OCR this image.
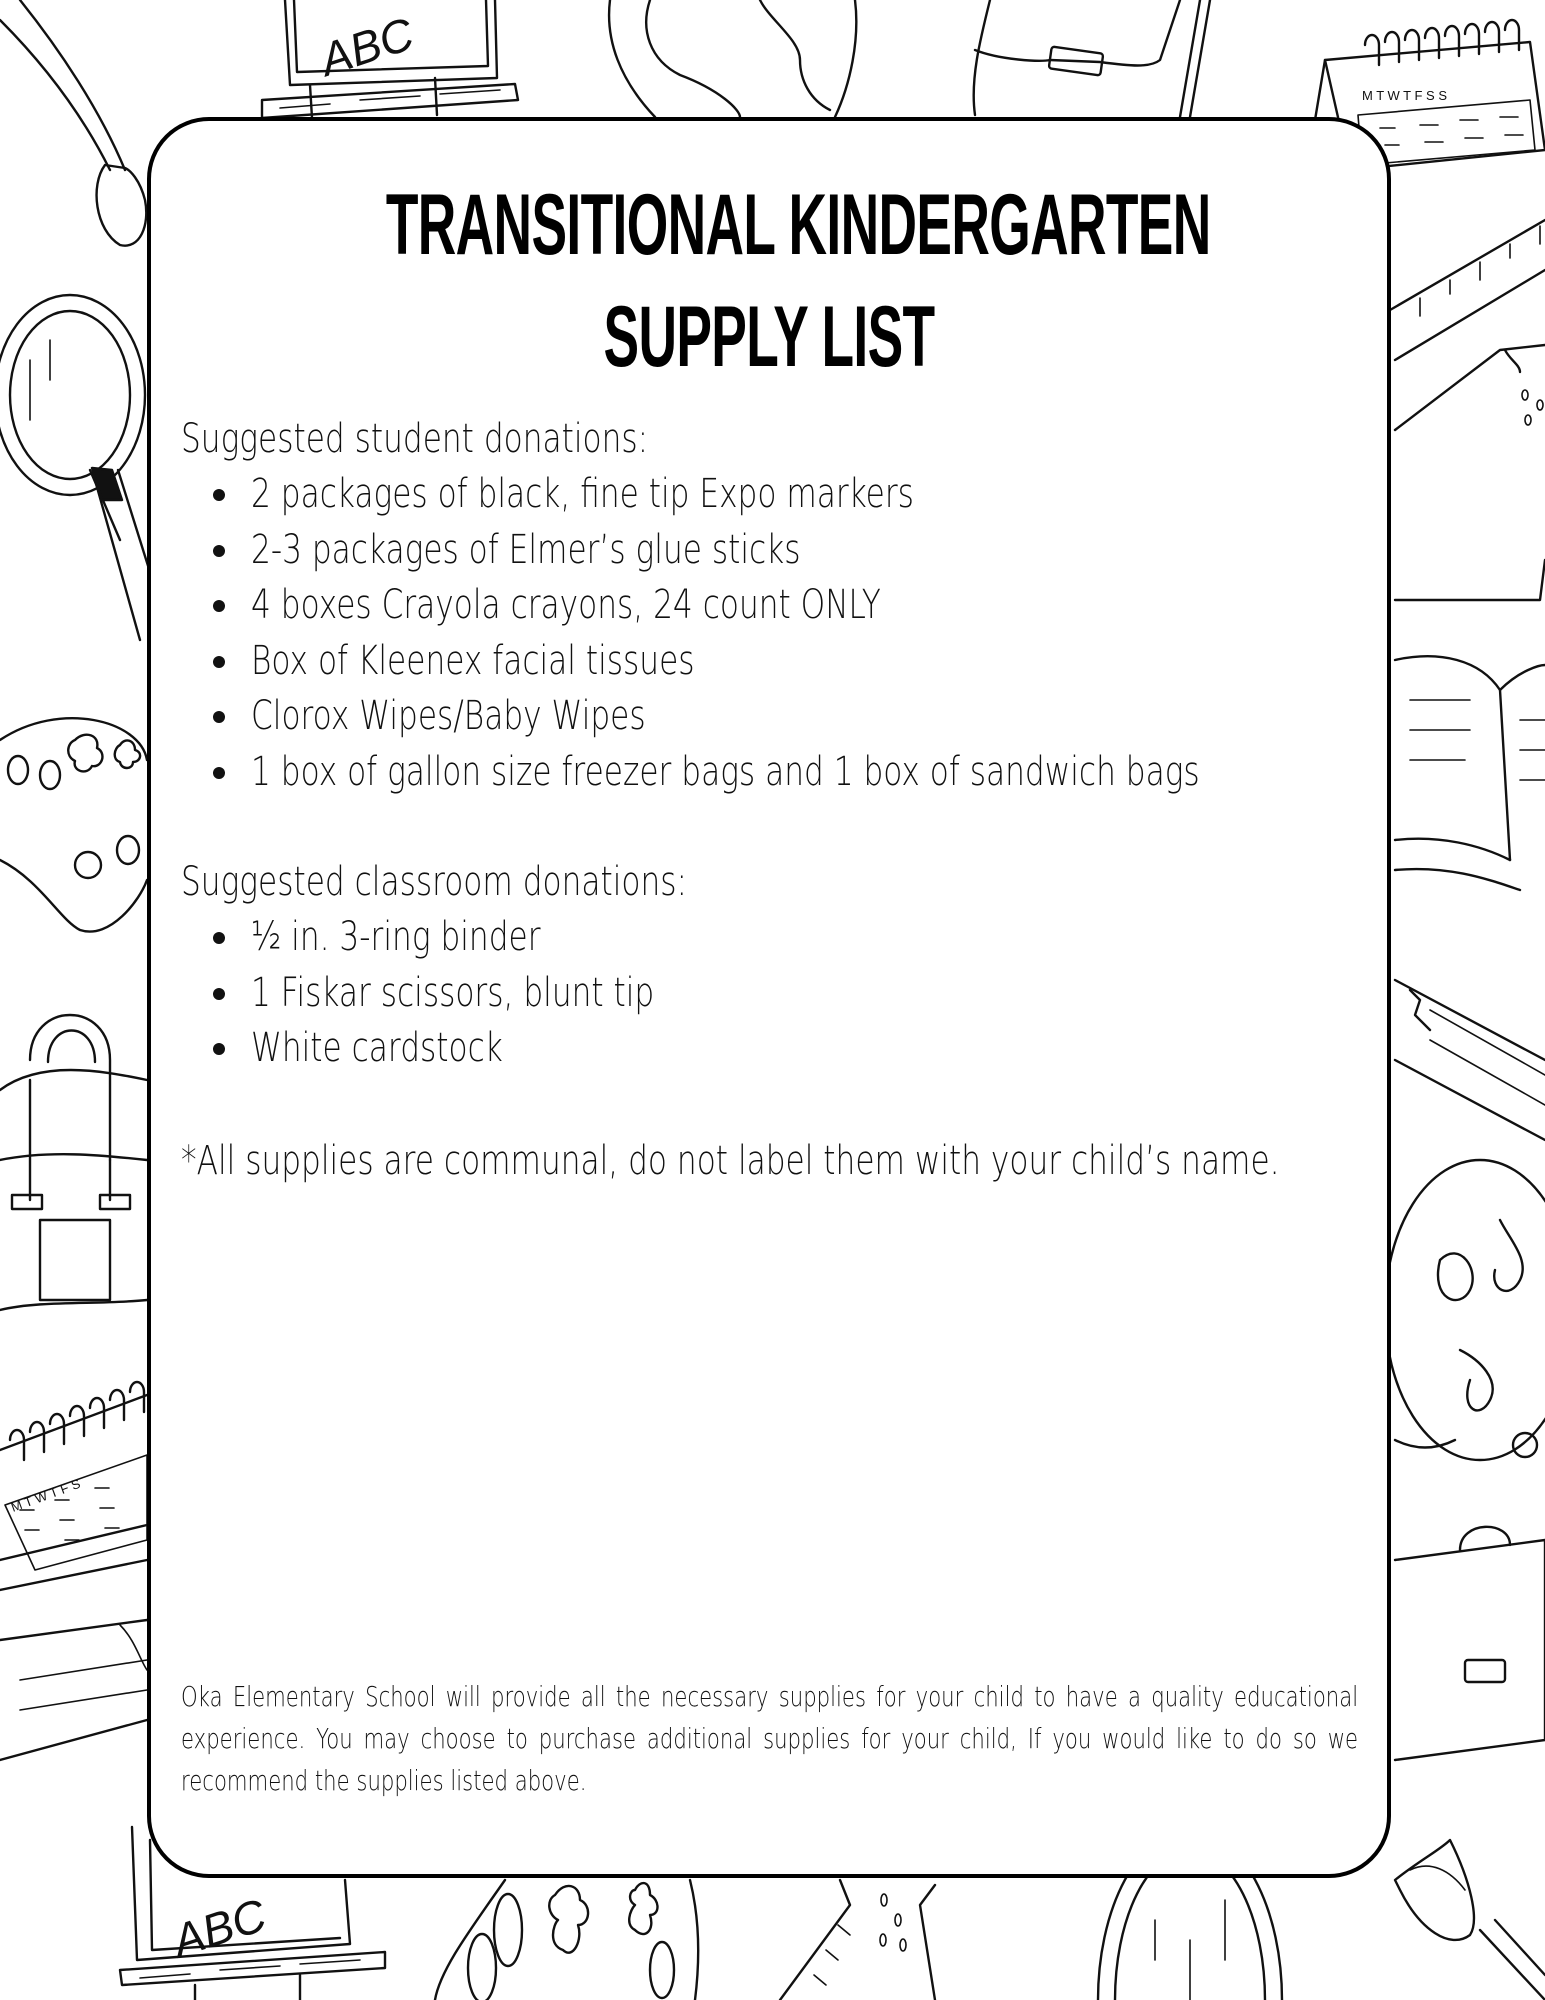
ABC
M T W T F S S
M T W T F S
ABC
TRANSITIONAL KINDERGARTEN
SUPPLY LIST

Suggested student donations:

2 packages of black, fine tip Expo markers
2-3 packages of Elmer’s glue sticks
4 boxes Crayola crayons, 24 count ONLY
Box of Kleenex facial tissues
Clorox Wipes/Baby Wipes
1 box of gallon size freezer bags and 1 box of sandwich bags

Suggested classroom donations:

½ in. 3-ring binder
1 Fiskar scissors, blunt tip
White cardstock
*All supplies are communal, do not label them with your child’s name.
Oka Elementary School will provide all the necessary supplies for your child to have a quality educational experience. You may choose to purchase additional supplies for your child, If you would like to do so we recommend the supplies listed above.
